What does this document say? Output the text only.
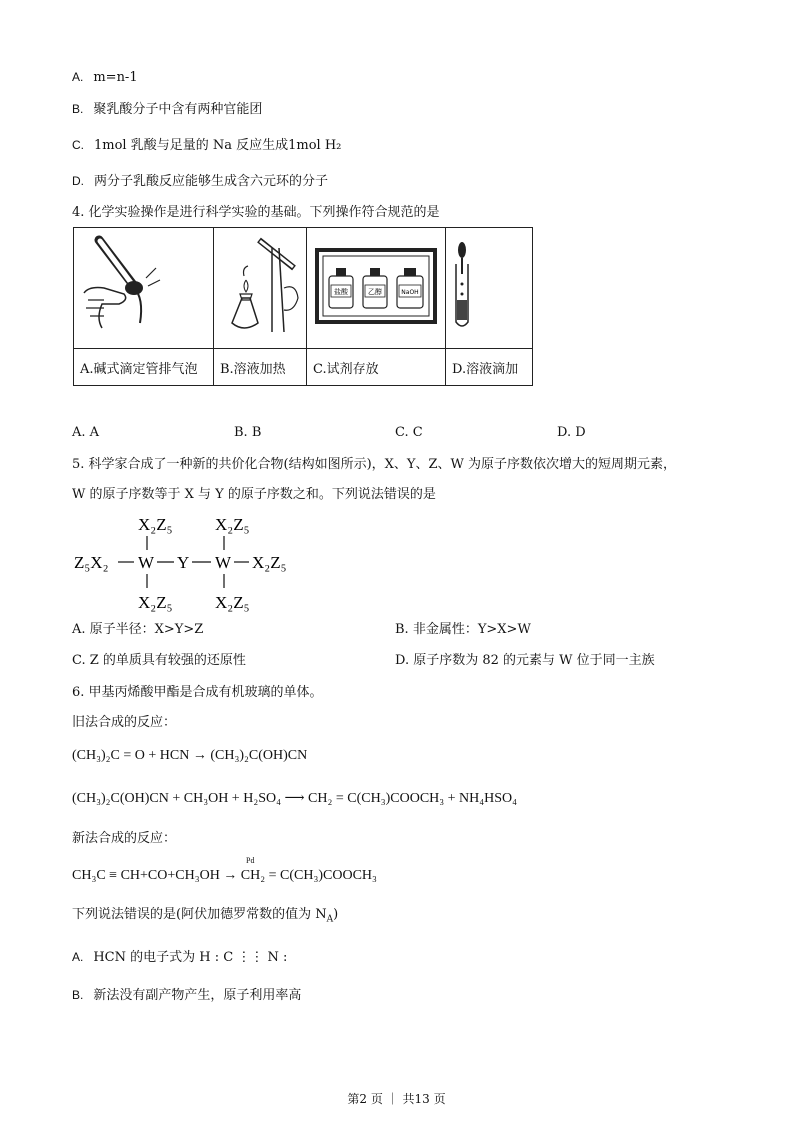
A. m=n-1
B. 聚乳酸分子中含有两种官能团
C. 1mol 乳酸与足量的 Na 反应生成1mol H₂
D. 两分子乳酸反应能够生成含六元环的分子
4. 化学实验操作是进行科学实验的基础。下列操作符合规范的是

盐酸 乙醇 NaOH

A.碱式滴定管排气泡	B.溶液加热	C.试剂存放	D.溶液滴加
A. A	B. B	C. C	D. D
5. 科学家合成了一种新的共价化合物(结构如图所示)，X、Y、Z、W 为原子序数依次增大的短周期元素，
W 的原子序数等于 X 与 Y 的原子序数之和。下列说法错误的是
X₂Z₅ X₂Z₅
Z₅X₂ W Y W X₂Z₅
X₂Z₅ X₂Z₅
A. 原子半径：X>Y>Z	B. 非金属性：Y>X>W
C. Z 的单质具有较强的还原性	D. 原子序数为 82 的元素与 W 位于同一主族
6. 甲基丙烯酸甲酯是合成有机玻璃的单体。
旧法合成的反应：
(CH₃)₂C = O + HCN → (CH₃)₂C(OH)CN
(CH₃)₂C(OH)CN + CH₃OH + H₂SO₄ ⟶ CH₂ = C(CH₃)COOCH₃ + NH₄HSO₄
新法合成的反应：
Pd
CH₃C ≡ CH+CO+CH₃OH → CH₂ = C(CH₃)COOCH₃
下列说法错误的是(阿伏加德罗常数的值为 $N_A$)
A. HCN 的电子式为 H : C ⋮⋮ N :
B. 新法没有副产物产生，原子利用率高
第2 页 ｜ 共13 页
